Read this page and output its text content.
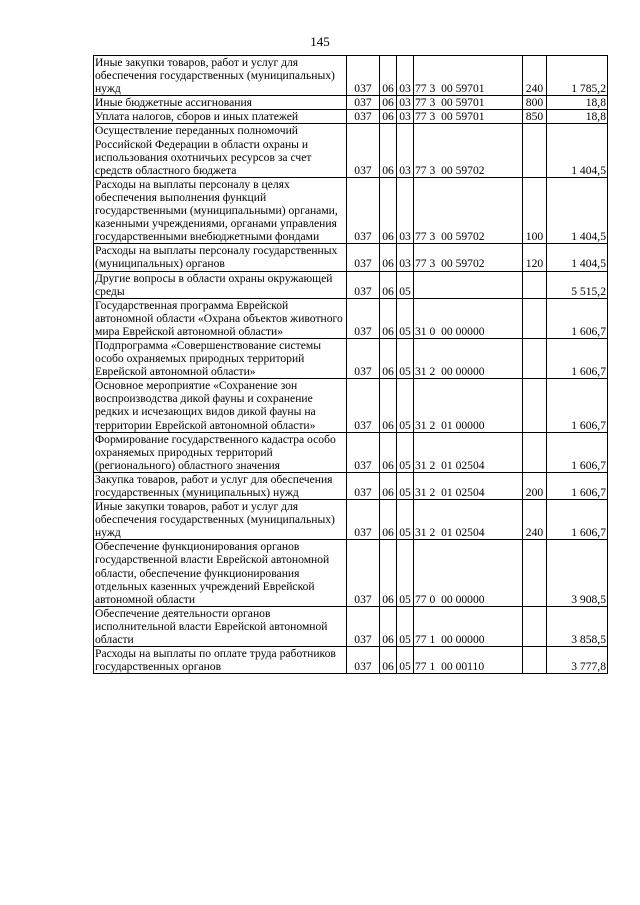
145
Иные закупки товаров, работ и услуг для обеспечения государственных (муниципальных) нужд	037	06	03	77 3  00 59701	240	1 785,2
Иные бюджетные ассигнования	037	06	03	77 3  00 59701	800	18,8
Уплата налогов, сборов и иных платежей	037	06	03	77 3  00 59701	850	18,8
Осуществление переданных полномочий Российской Федерации в области охраны и использования охотничьих ресурсов за счет средств областного бюджета	037	06	03	77 3  00 59702		1 404,5
Расходы на выплаты персоналу в целях обеспечения выполнения функций государственными (муниципальными) органами, казенными учреждениями, органами управления государственными внебюджетными фондами	037	06	03	77 3  00 59702	100	1 404,5
Расходы на выплаты персоналу государственных (муниципальных) органов	037	06	03	77 3  00 59702	120	1 404,5
Другие вопросы в области охраны окружающей среды	037	06	05			5 515,2
Государственная программа Еврейской автономной области «Охрана объектов животного мира Еврейской автономной области»	037	06	05	31 0  00 00000		1 606,7
Подпрограмма «Совершенствование системы особо охраняемых природных территорий Еврейской автономной области»	037	06	05	31 2  00 00000		1 606,7
Основное мероприятие «Сохранение зон воспроизводства дикой фауны и сохранение редких и исчезающих видов дикой фауны на территории Еврейской автономной области»	037	06	05	31 2  01 00000		1 606,7
Формирование государственного кадастра особо охраняемых природных территорий (регионального) областного значения	037	06	05	31 2  01 02504		1 606,7
Закупка товаров, работ и услуг для обеспечения государственных (муниципальных) нужд	037	06	05	31 2  01 02504	200	1 606,7
Иные закупки товаров, работ и услуг для обеспечения государственных (муниципальных) нужд	037	06	05	31 2  01 02504	240	1 606,7
Обеспечение функционирования органов государственной власти Еврейской автономной области, обеспечение функционирования отдельных казенных учреждений Еврейской автономной области	037	06	05	77 0  00 00000		3 908,5
Обеспечение деятельности органов исполнительной власти Еврейской автономной области	037	06	05	77 1  00 00000		3 858,5
Расходы на выплаты по оплате труда работников государственных органов	037	06	05	77 1  00 00110		3 777,8
